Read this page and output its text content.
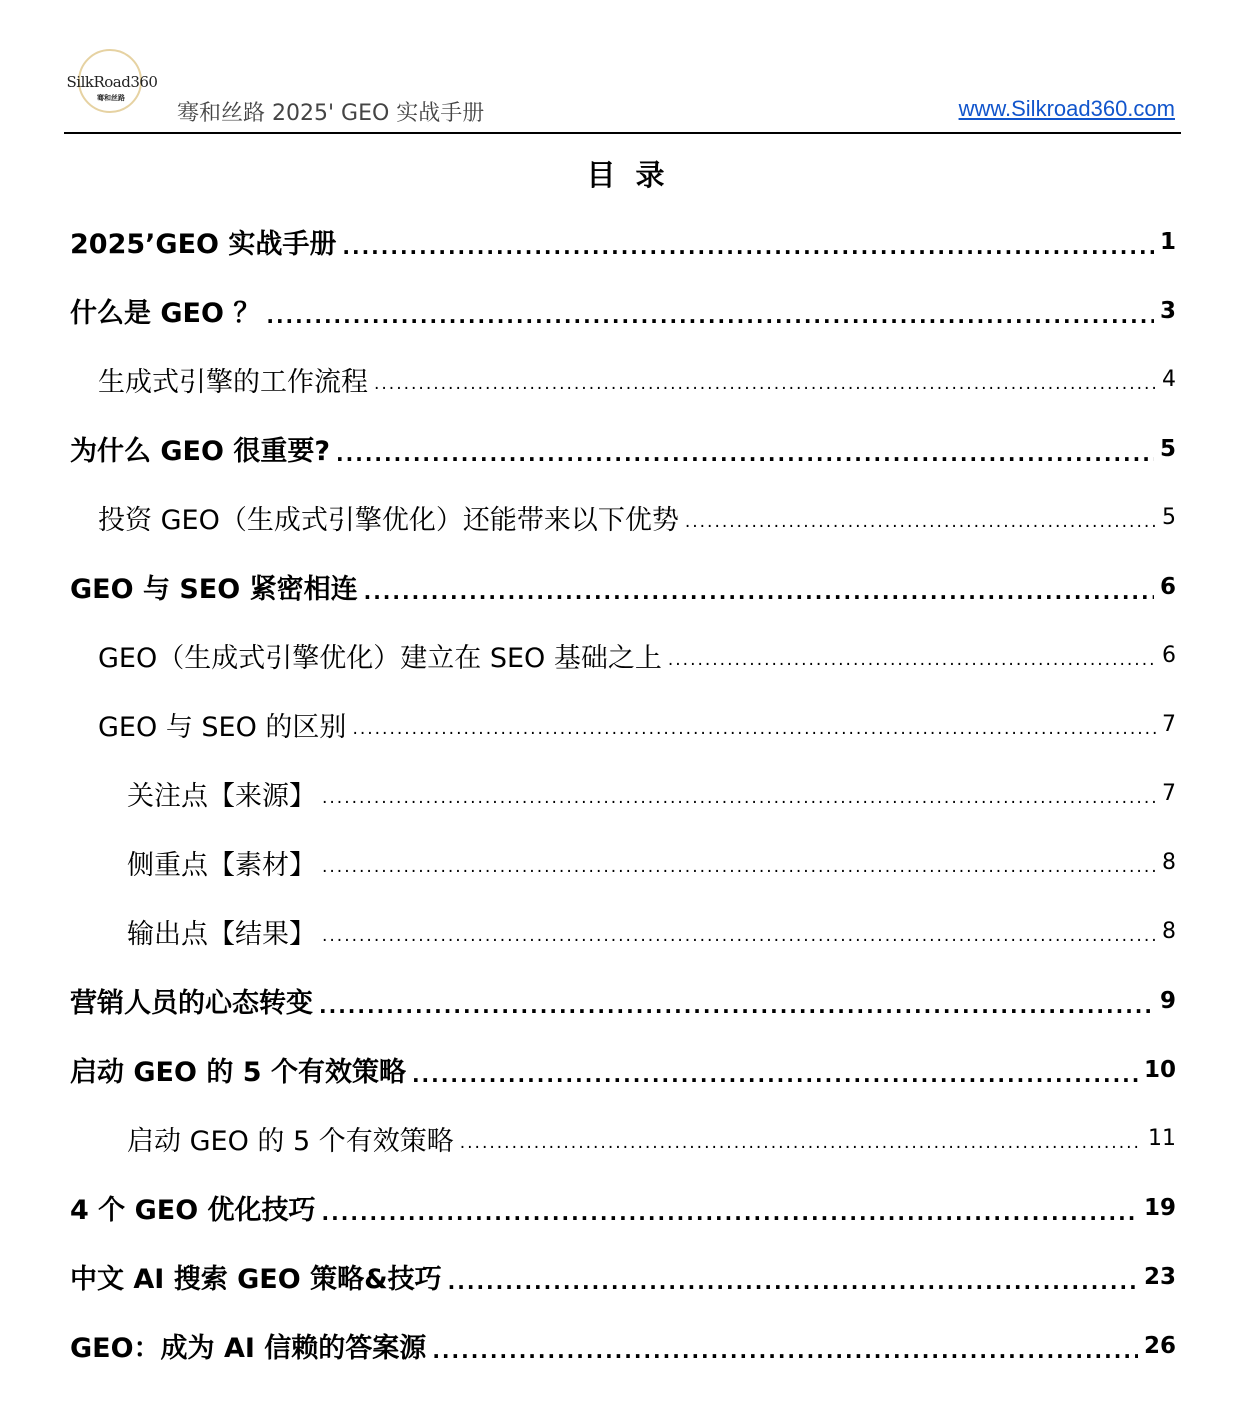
SilkRoad360
骞和丝路
骞和丝路 2025' GEO 实战手册	www.Silkroad360.com
目录
2025’GEO 实战手册 .....	1
什么是 GEO ？ .....	3
生成式引擎的工作流程 .....	4
为什么 GEO 很重要? .....	5
投资 GEO（生成式引擎优化）还能带来以下优势 .....	5
GEO 与 SEO 紧密相连 .....	6
GEO（生成式引擎优化）建立在 SEO 基础之上 .....	6
GEO 与 SEO 的区别 .....	7
关注点【来源】 .....	7
侧重点【素材】 .....	8
输出点【结果】 .....	8
营销人员的心态转变 .....	9
启动 GEO 的 5 个有效策略 .....	10
启动 GEO 的 5 个有效策略 .....	11
4 个 GEO 优化技巧 .....	19
中文 AI 搜索 GEO 策略&技巧 .....	23
GEO：成为 AI 信赖的答案源 .....	26
